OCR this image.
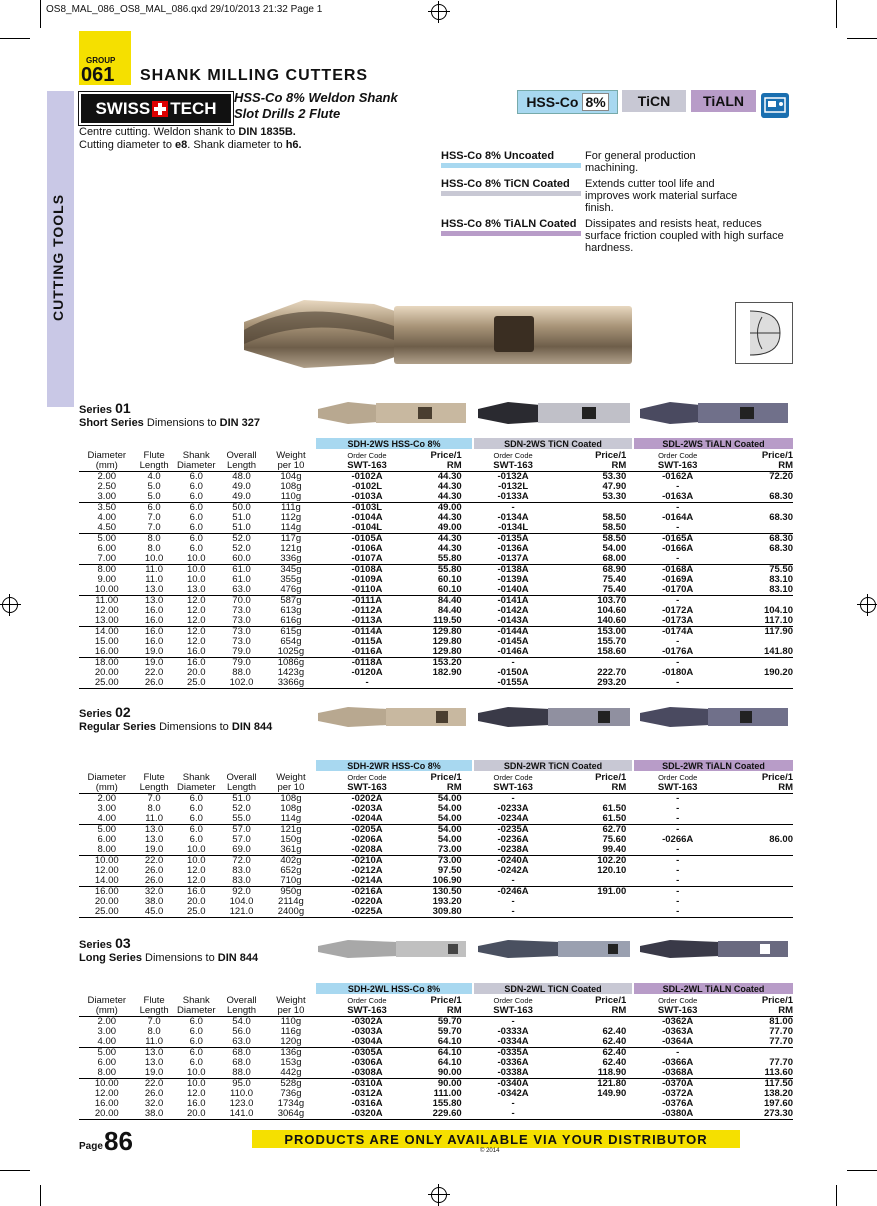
OS8_MAL_086_OS8_MAL_086.qxd 29/10/2013 21:32 Page 1
GROUP
061 SHANK MILLING CUTTERS
CUTTING TOOLS
SWISS TECH
HSS-Co 8% Weldon Shank
Slot Drills 2 Flute
Centre cutting. Weldon shank to DIN 1835B.
Cutting diameter to e8. Shank diameter to h6.
HSS-Co 8%	TiCN	TiALN
HSS-Co 8% Uncoated	For general production
machining.
HSS-Co 8% TiCN Coated	Extends cutter tool life and
improves work material surface
finish.
HSS-Co 8% TiALN Coated Dissipates and resists heat, reduces
surface friction coupled with high surface
hardness.
Series 01
Short Series Dimensions to DIN 327
SDH-2WS HSS-Co 8%	SDN-2WS TiCN Coated	SDL-2WS TiALN Coated
Diameter	Flute	Shank	Overall	Weight		Order Code	Price/1		Order Code	Price/1		Order Code	Price/1
(mm)	Length	Diameter	Length	per 10		SWT-163	RM		SWT-163	RM		SWT-163	RM
2.00	4.0	6.0	48.0	104g		-0102A	44.30		-0132A	53.30		-0162A	72.20
2.50	5.0	6.0	49.0	108g		-0102L	44.30		-0132L	47.90		-	
3.00	5.0	6.0	49.0	110g		-0103A	44.30		-0133A	53.30		-0163A	68.30
3.50	6.0	6.0	50.0	111g		-0103L	49.00		-			-	
4.00	7.0	6.0	51.0	112g		-0104A	44.30		-0134A	58.50		-0164A	68.30
4.50	7.0	6.0	51.0	114g		-0104L	49.00		-0134L	58.50		-	
5.00	8.0	6.0	52.0	117g		-0105A	44.30		-0135A	58.50		-0165A	68.30
6.00	8.0	6.0	52.0	121g		-0106A	44.30		-0136A	54.00		-0166A	68.30
7.00	10.0	10.0	60.0	336g		-0107A	55.80		-0137A	68.00		-	
8.00	11.0	10.0	61.0	345g		-0108A	55.80		-0138A	68.90		-0168A	75.50
9.00	11.0	10.0	61.0	355g		-0109A	60.10		-0139A	75.40		-0169A	83.10
10.00	13.0	13.0	63.0	476g		-0110A	60.10		-0140A	75.40		-0170A	83.10
11.00	13.0	12.0	70.0	587g		-0111A	84.40		-0141A	103.70		-	
12.00	16.0	12.0	73.0	613g		-0112A	84.40		-0142A	104.60		-0172A	104.10
13.00	16.0	12.0	73.0	616g		-0113A	119.50		-0143A	140.60		-0173A	117.10
14.00	16.0	12.0	73.0	615g		-0114A	129.80		-0144A	153.00		-0174A	117.90
15.00	16.0	12.0	73.0	654g		-0115A	129.80		-0145A	155.70		-	
16.00	19.0	16.0	79.0	1025g		-0116A	129.80		-0146A	158.60		-0176A	141.80
18.00	19.0	16.0	79.0	1086g		-0118A	153.20		-			-	
20.00	22.0	20.0	88.0	1423g		-0120A	182.90		-0150A	222.70		-0180A	190.20
25.00	26.0	25.0	102.0	3366g		-			-0155A	293.20		-	
Series 02
Regular Series Dimensions to DIN 844
SDH-2WR HSS-Co 8%	SDN-2WR TiCN Coated	SDL-2WR TiALN Coated
Diameter	Flute	Shank	Overall	Weight		Order Code	Price/1		Order Code	Price/1		Order Code	Price/1
(mm)	Length	Diameter	Length	per 10		SWT-163	RM		SWT-163	RM		SWT-163	RM
2.00	7.0	6.0	51.0	108g		-0202A	54.00		-			-	
3.00	8.0	6.0	52.0	108g		-0203A	54.00		-0233A	61.50		-	
4.00	11.0	6.0	55.0	114g		-0204A	54.00		-0234A	61.50		-	
5.00	13.0	6.0	57.0	121g		-0205A	54.00		-0235A	62.70		-	
6.00	13.0	6.0	57.0	150g		-0206A	54.00		-0236A	75.60		-0266A	86.00
8.00	19.0	10.0	69.0	361g		-0208A	73.00		-0238A	99.40		-	
10.00	22.0	10.0	72.0	402g		-0210A	73.00		-0240A	102.20		-	
12.00	26.0	12.0	83.0	652g		-0212A	97.50		-0242A	120.10		-	
14.00	26.0	12.0	83.0	710g		-0214A	106.90		-			-	
16.00	32.0	16.0	92.0	950g		-0216A	130.50		-0246A	191.00		-	
20.00	38.0	20.0	104.0	2114g		-0220A	193.20		-			-	
25.00	45.0	25.0	121.0	2400g		-0225A	309.80		-			-	
Series 03
Long Series Dimensions to DIN 844
SDH-2WL HSS-Co 8%	SDN-2WL TiCN Coated	SDL-2WL TiALN Coated
Diameter	Flute	Shank	Overall	Weight		Order Code	Price/1		Order Code	Price/1		Order Code	Price/1
(mm)	Length	Diameter	Length	per 10		SWT-163	RM		SWT-163	RM		SWT-163	RM
2.00	7.0	6.0	54.0	110g		-0302A	59.70		-			-0362A	81.00
3.00	8.0	6.0	56.0	116g		-0303A	59.70		-0333A	62.40		-0363A	77.70
4.00	11.0	6.0	63.0	120g		-0304A	64.10		-0334A	62.40		-0364A	77.70
5.00	13.0	6.0	68.0	136g		-0305A	64.10		-0335A	62.40		-	
6.00	13.0	6.0	68.0	153g		-0306A	64.10		-0336A	62.40		-0366A	77.70
8.00	19.0	10.0	88.0	442g		-0308A	90.00		-0338A	118.90		-0368A	113.60
10.00	22.0	10.0	95.0	528g		-0310A	90.00		-0340A	121.80		-0370A	117.50
12.00	26.0	12.0	110.0	736g		-0312A	111.00		-0342A	149.90		-0372A	138.20
16.00	32.0	16.0	123.0	1734g		-0316A	155.80		-			-0376A	197.60
20.00	38.0	20.0	141.0	3064g		-0320A	229.60		-			-0380A	273.30
Page 86	PRODUCTS ARE ONLY AVAILABLE VIA YOUR DISTRIBUTOR
© 2014
